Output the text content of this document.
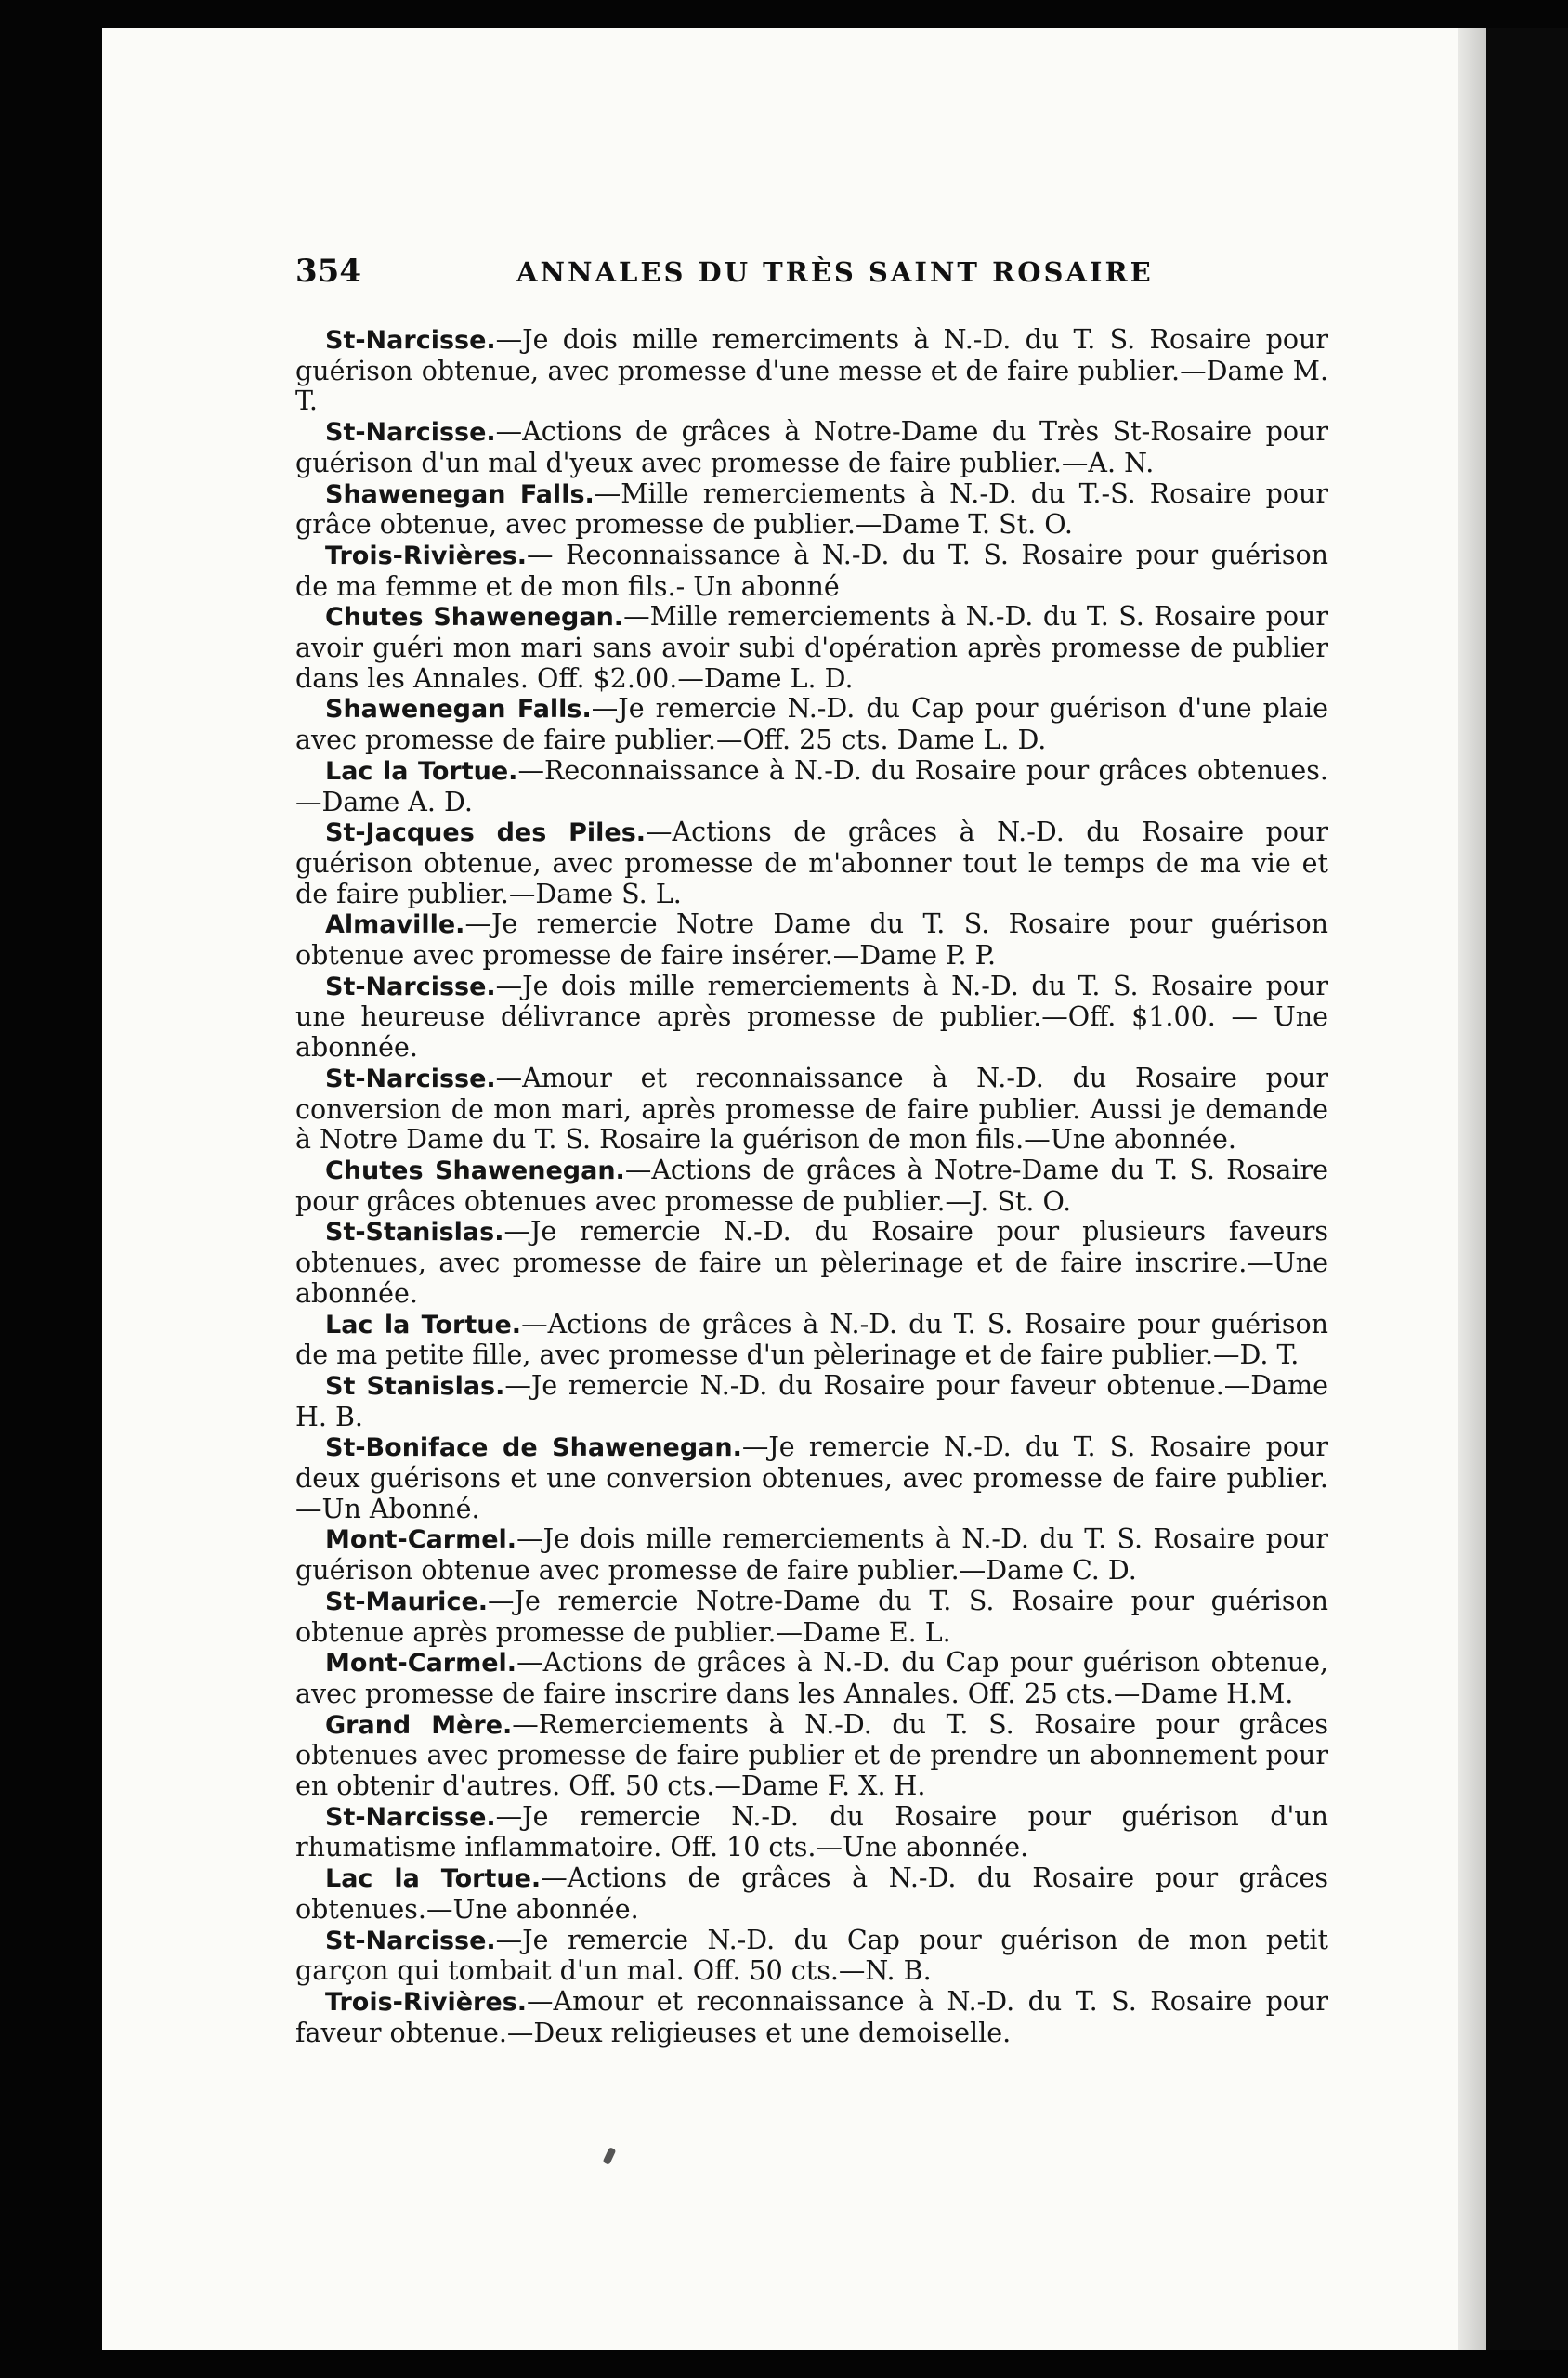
354	ANNALES DU TRÈS SAINT ROSAIRE

St-Narcisse.—Je dois mille remerciments à N.-D. du T. S. Rosaire pour guérison obtenue, avec promesse d'une messe et de faire publier.—Dame M. T.

St-Narcisse.—Actions de grâces à Notre-Dame du Très St-Rosaire pour guérison d'un mal d'yeux avec promesse de faire publier.—A. N.

Shawenegan Falls.—Mille remerciements à N.-D. du T.-S. Rosaire pour grâce obtenue, avec promesse de publier.—Dame T. St. O.

Trois-Rivières.— Reconnaissance à N.-D. du T. S. Rosaire pour guérison de ma femme et de mon fils.- Un abonné

Chutes Shawenegan.—Mille remerciements à N.-D. du T. S. Rosaire pour avoir guéri mon mari sans avoir subi d'opération après promesse de publier dans les Annales. Off. $2.00.—Dame L. D.

Shawenegan Falls.—Je remercie N.-D. du Cap pour guérison d'une plaie avec promesse de faire publier.—Off. 25 cts. Dame L. D.

Lac la Tortue.—Reconnaissance à N.-D. du Rosaire pour grâces obtenues.—Dame A. D.

St-Jacques des Piles.—Actions de grâces à N.-D. du Rosaire pour guérison obtenue, avec promesse de m'abonner tout le temps de ma vie et de faire publier.—Dame S. L.

Almaville.—Je remercie Notre Dame du T. S. Rosaire pour guérison obtenue avec promesse de faire insérer.—Dame P. P.

St-Narcisse.—Je dois mille remerciements à N.-D. du T. S. Rosaire pour une heureuse délivrance après promesse de publier.—Off. $1.00. — Une abonnée.

St-Narcisse.—Amour et reconnaissance à N.-D. du Rosaire pour conversion de mon mari, après promesse de faire publier. Aussi je demande à Notre Dame du T. S. Rosaire la guérison de mon fils.—Une abonnée.

Chutes Shawenegan.—Actions de grâces à Notre-Dame du T. S. Rosaire pour grâces obtenues avec promesse de publier.—J. St. O.

St-Stanislas.—Je remercie N.-D. du Rosaire pour plusieurs faveurs obtenues, avec promesse de faire un pèlerinage et de faire inscrire.—Une abonnée.

Lac la Tortue.—Actions de grâces à N.-D. du T. S. Rosaire pour guérison de ma petite fille, avec promesse d'un pèlerinage et de faire publier.—D. T.

St Stanislas.—Je remercie N.-D. du Rosaire pour faveur obtenue.—Dame H. B.

St-Boniface de Shawenegan.—Je remercie N.-D. du T. S. Rosaire pour deux guérisons et une conversion obtenues, avec promesse de faire publier.—Un Abonné.

Mont-Carmel.—Je dois mille remerciements à N.-D. du T. S. Rosaire pour guérison obtenue avec promesse de faire publier.—Dame C. D.

St-Maurice.—Je remercie Notre-Dame du T. S. Rosaire pour guérison obtenue après promesse de publier.—Dame E. L.

Mont-Carmel.—Actions de grâces à N.-D. du Cap pour guérison obtenue, avec promesse de faire inscrire dans les Annales. Off. 25 cts.—Dame H.M.

Grand Mère.—Remerciements à N.-D. du T. S. Rosaire pour grâces obtenues avec promesse de faire publier et de prendre un abonnement pour en obtenir d'autres. Off. 50 cts.—Dame F. X. H.

St-Narcisse.—Je remercie N.-D. du Rosaire pour guérison d'un rhumatisme inflammatoire. Off. 10 cts.—Une abonnée.

Lac la Tortue.—Actions de grâces à N.-D. du Rosaire pour grâces obtenues.—Une abonnée.

St-Narcisse.—Je remercie N.-D. du Cap pour guérison de mon petit garçon qui tombait d'un mal. Off. 50 cts.—N. B.

Trois-Rivières.—Amour et reconnaissance à N.-D. du T. S. Rosaire pour faveur obtenue.—Deux religieuses et une demoiselle.
